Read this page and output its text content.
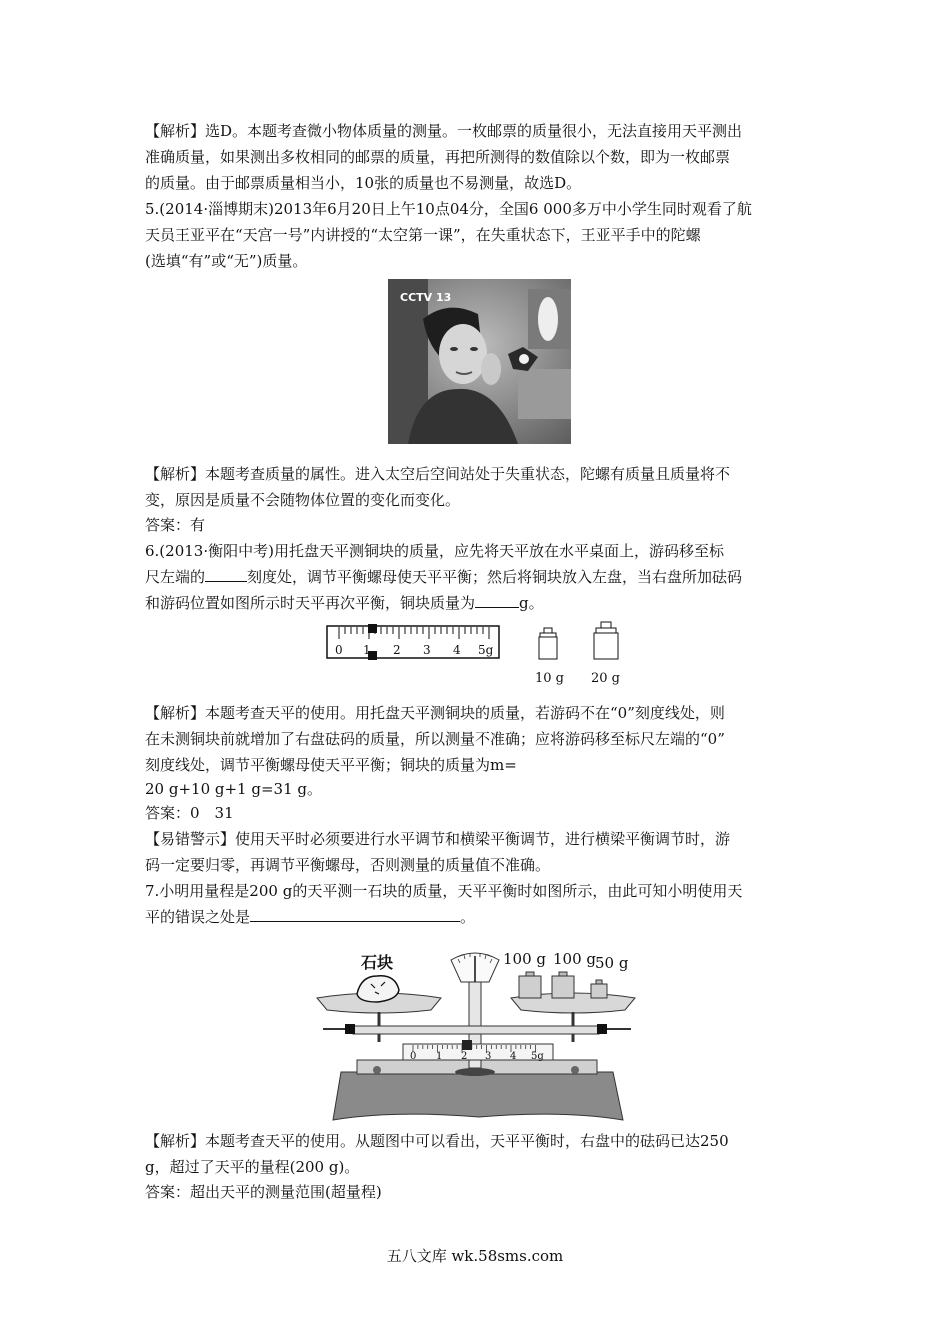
【解析】选D。本题考查微小物体质量的测量。一枚邮票的质量很小，无法直接用天平测出
准确质量，如果测出多枚相同的邮票的质量，再把所测得的数值除以个数，即为一枚邮票
的质量。由于邮票质量相当小，10张的质量也不易测量，故选D。
5.(2014·淄博期末)2013年6月20日上午10点04分，全国6 000多万中小学生同时观看了航
天员王亚平在“天宫一号”内讲授的“太空第一课”，在失重状态下，王亚平手中的陀螺
(选填“有”或“无”)质量。
CCTV 13
【解析】本题考查质量的属性。进入太空后空间站处于失重状态，陀螺有质量且质量将不
变，原因是质量不会随物体位置的变化而变化。
答案：有
6.(2013·衡阳中考)用托盘天平测铜块的质量，应先将天平放在水平桌面上，游码移至标
尺左端的	刻度处，调节平衡螺母使天平平衡；然后将铜块放入左盘，当右盘所加砝码
和游码位置如图所示时天平再次平衡，铜块质量为	g。
0 1 2 3 4 5g
10 g 20 g
【解析】本题考查天平的使用。用托盘天平测铜块的质量，若游码不在“0”刻度线处，则
在未测铜块前就增加了右盘砝码的质量，所以测量不准确；应将游码移至标尺左端的“0”
刻度线处，调节平衡螺母使天平平衡；铜块的质量为m=
20 g+10 g+1 g=31 g。
答案：0　31
【易错警示】使用天平时必须要进行水平调节和横梁平衡调节，进行横梁平衡调节时，游
码一定要归零，再调节平衡螺母，否则测量的质量值不准确。
7.小明用量程是200 g的天平测一石块的质量，天平平衡时如图所示，由此可知小明使用天
平的错误之处是	。
石块	100 g 100 g
50 g
0 1 2 3 4 5g
【解析】本题考查天平的使用。从题图中可以看出，天平平衡时，右盘中的砝码已达250
g，超过了天平的量程(200 g)。
答案：超出天平的测量范围(超量程)
五八文库 wk.58sms.com
